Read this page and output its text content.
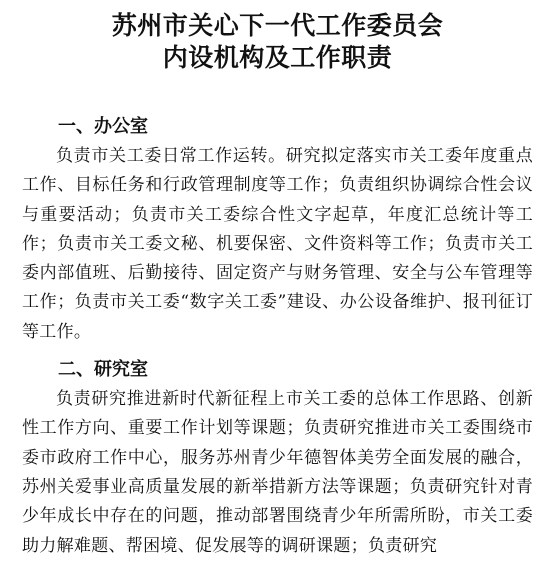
苏州市关心下一代工作委员会
内设机构及工作职责
一、办公室

负责市关工委日常工作运转。研究拟定落实市关工委年度重点工作、目标任务和行政管理制度等工作；负责组织协调综合性会议与重要活动；负责市关工委综合性文字起草，年度汇总统计等工作；负责市关工委文秘、机要保密、文件资料等工作；负责市关工委内部值班、后勤接待、固定资产与财务管理、安全与公车管理等工作；负责市关工委“数字关工委”建设、办公设备维护、报刊征订等工作。

二、研究室

负责研究推进新时代新征程上市关工委的总体工作思路、创新性工作方向、重要工作计划等课题；负责研究推进市关工委围绕市委市政府工作中心，服务苏州青少年德智体美劳全面发展的融合，苏州关爱事业高质量发展的新举措新方法等课题；负责研究针对青少年成长中存在的问题，推动部署围绕青少年所需所盼，市关工委助力解难题、帮困境、促发展等的调研课题；负责研究
